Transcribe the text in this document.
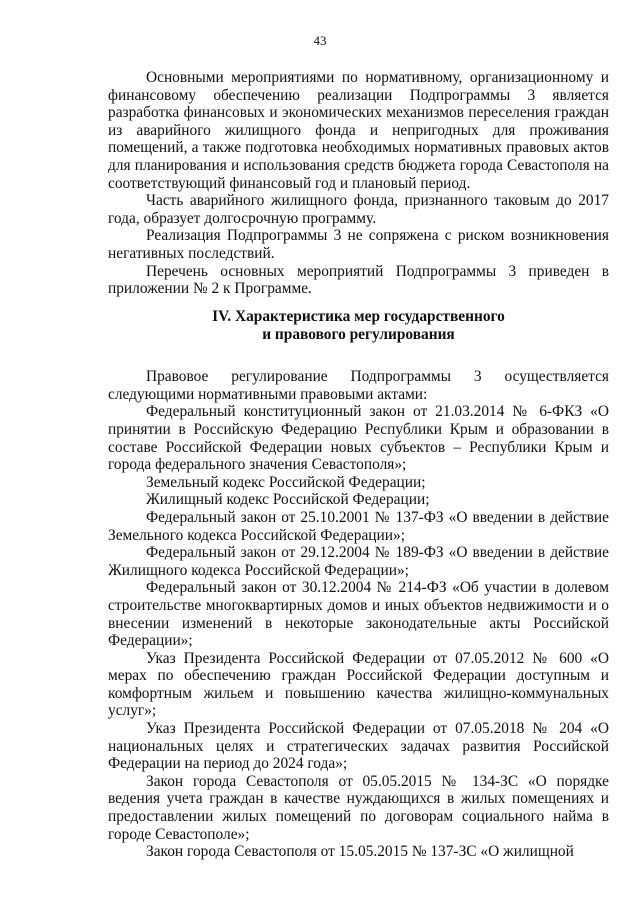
43

Основными мероприятиями по нормативному, организационному и финансовому обеспечению реализации Подпрограммы 3 является разработка финансовых и экономических механизмов переселения граждан из аварийного жилищного фонда и непригодных для проживания помещений, а также подготовка необходимых нормативных правовых актов для планирования и использования средств бюджета города Севастополя на соответствующий финансовый год и плановый период.

Часть аварийного жилищного фонда, признанного таковым до 2017 года, образует долгосрочную программу.

Реализация Подпрограммы 3 не сопряжена с риском возникновения негативных последствий.

Перечень основных мероприятий Подпрограммы 3 приведен в приложении № 2 к Программе.

IV. Характеристика мер государственного
и правового регулирования

Правовое регулирование Подпрограммы 3 осуществляется следующими нормативными правовыми актами:

Федеральный конституционный закон от 21.03.2014 № 6-ФКЗ «О принятии в Российскую Федерацию Республики Крым и образовании в составе Российской Федерации новых субъектов – Республики Крым и города федерального значения Севастополя»;

Земельный кодекс Российской Федерации;

Жилищный кодекс Российской Федерации;

Федеральный закон от 25.10.2001 № 137-ФЗ «О введении в действие Земельного кодекса Российской Федерации»;

Федеральный закон от 29.12.2004 № 189-ФЗ «О введении в действие Жилищного кодекса Российской Федерации»;

Федеральный закон от 30.12.2004 № 214-ФЗ «Об участии в долевом строительстве многоквартирных домов и иных объектов недвижимости и о внесении изменений в некоторые законодательные акты Российской Федерации»;

Указ Президента Российской Федерации от 07.05.2012 № 600 «О мерах по обеспечению граждан Российской Федерации доступным и комфортным жильем и повышению качества жилищно-коммунальных услуг»;

Указ Президента Российской Федерации от 07.05.2018 № 204 «О национальных целях и стратегических задачах развития Российской Федерации на период до 2024 года»;

Закон города Севастополя от 05.05.2015 № 134-ЗС «О порядке ведения учета граждан в качестве нуждающихся в жилых помещениях и предоставлении жилых помещений по договорам социального найма в городе Севастополе»;

Закон города Севастополя от 15.05.2015 № 137-ЗС «О жилищной
